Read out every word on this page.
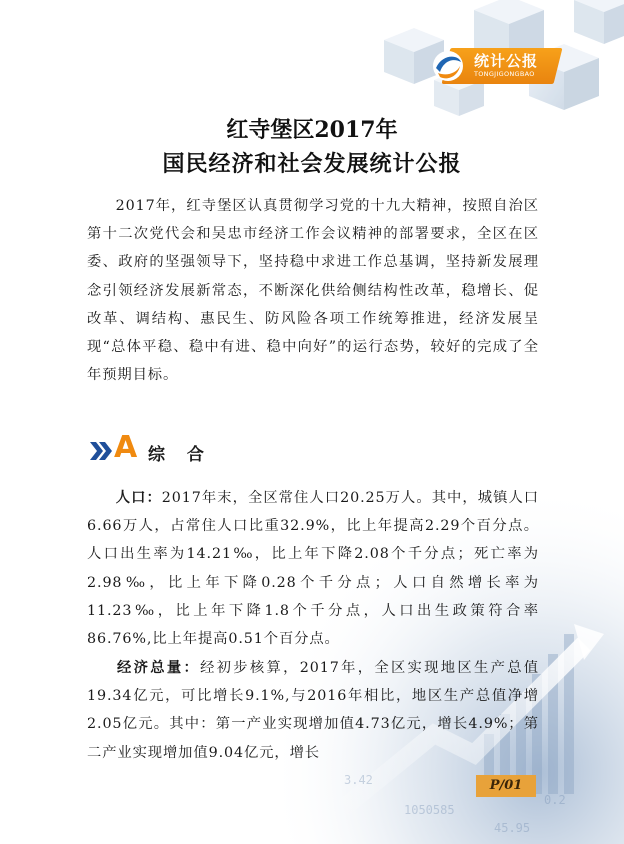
1050585
45.95
0.2
3.42
统计公报
TONGJIGONGBAO
红寺堡区2017年
国民经济和社会发展统计公报

2017年，红寺堡区认真贯彻学习党的十九大精神，按照自治区第十二次党代会和吴忠市经济工作会议精神的部署要求，全区在区委、政府的坚强领导下，坚持稳中求进工作总基调，坚持新发展理念引领经济发展新常态，不断深化供给侧结构性改革，稳增长、促改革、调结构、惠民生、防风险各项工作统筹推进，经济发展呈现“总体平稳、稳中有进、稳中向好”的运行态势，较好的完成了全年预期目标。

A 综 合

人口：2017年末，全区常住人口20.25万人。其中，城镇人口6.66万人，占常住人口比重32.9%，比上年提高2.29个百分点。人口出生率为14.21‰，比上年下降2.08个千分点；死亡率为2.98‰，比上年下降0.28个千分点；人口自然增长率为11.23‰，比上年下降1.8个千分点，人口出生政策符合率86.76%,比上年提高0.51个百分点。

经济总量：经初步核算，2017年，全区实现地区生产总值19.34亿元，可比增长9.1%,与2016年相比，地区生产总值净增2.05亿元。其中：第一产业实现增加值4.73亿元，增长4.9%；第二产业实现增加值9.04亿元，增长

P/01
